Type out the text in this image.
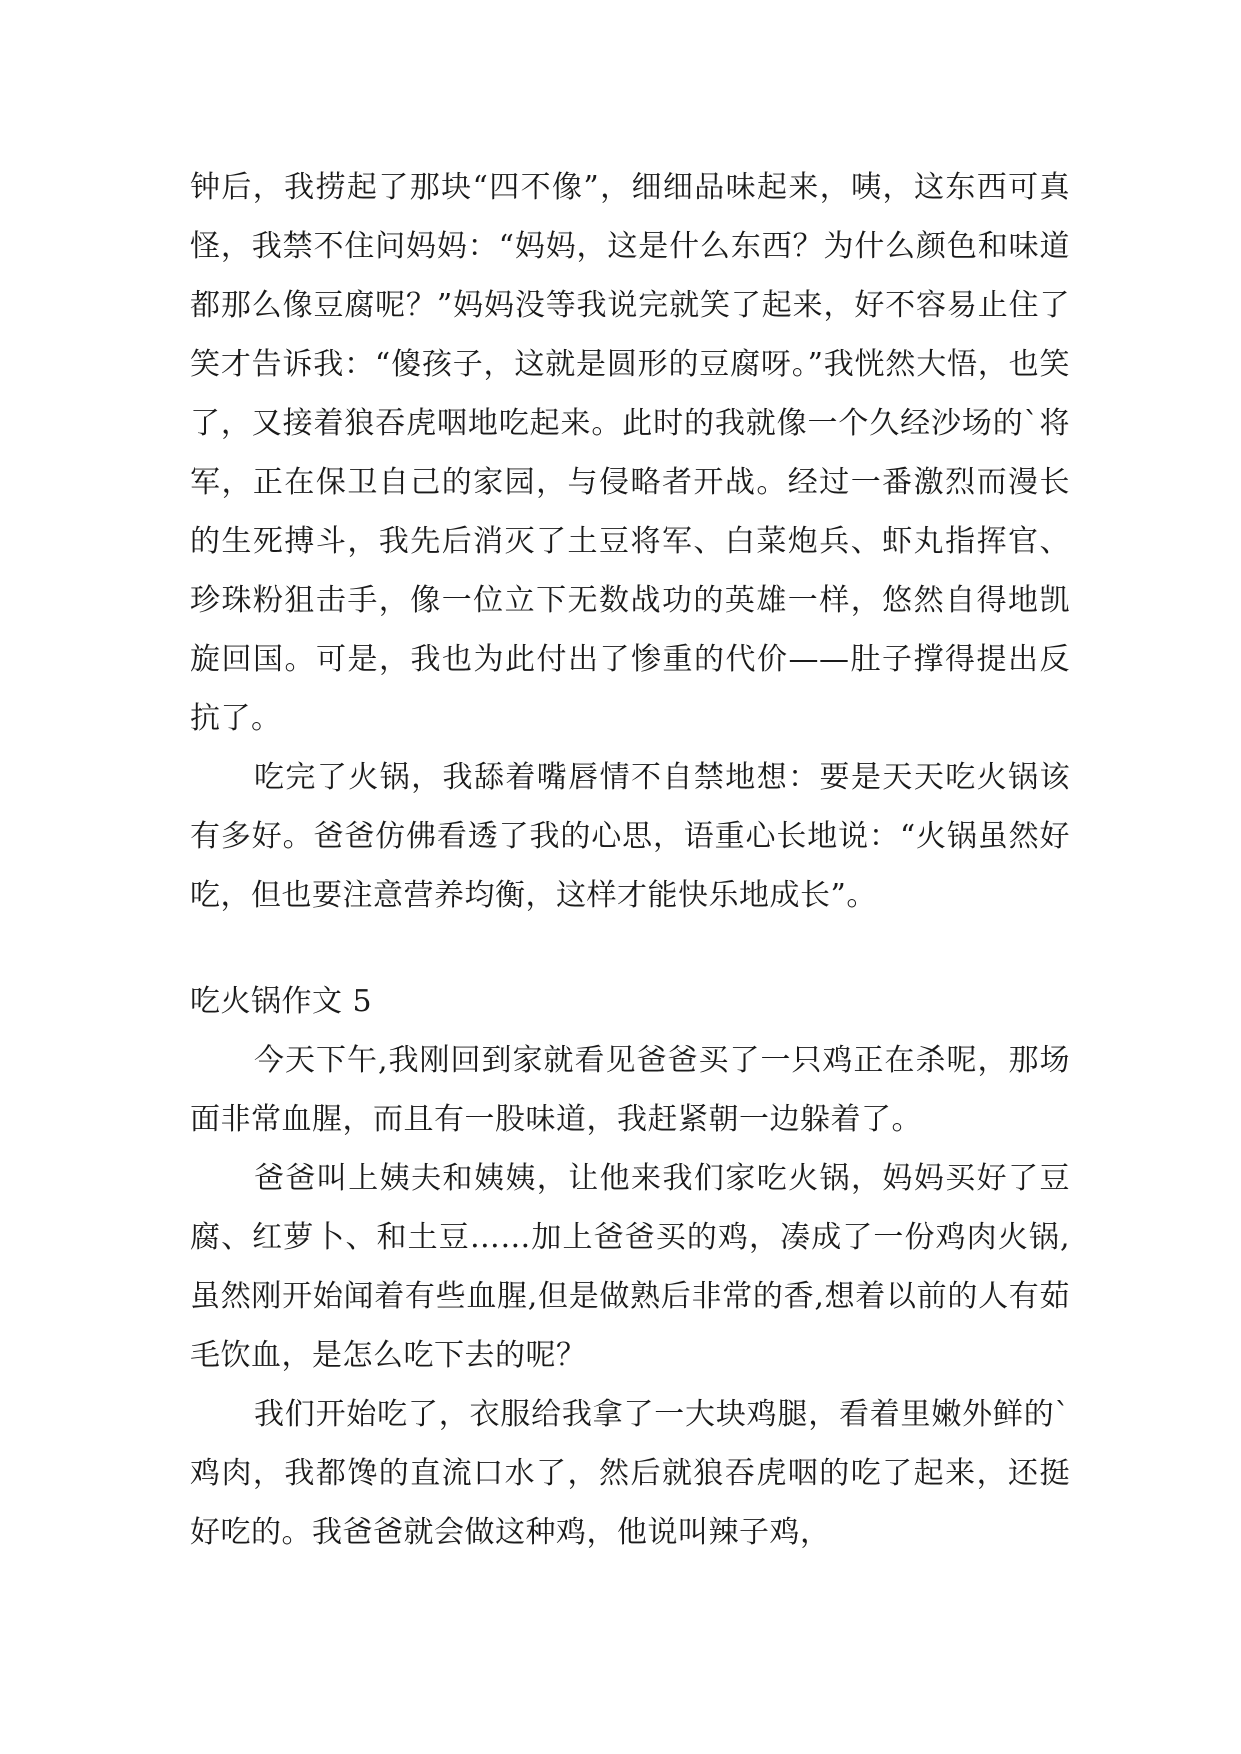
钟后，我捞起了那块“四不像”，细细品味起来，咦，这东西可真怪，我禁不住问妈妈：“妈妈，这是什么东西？为什么颜色和味道都那么像豆腐呢？”妈妈没等我说完就笑了起来，好不容易止住了笑才告诉我：“傻孩子，这就是圆形的豆腐呀。”我恍然大悟，也笑了，又接着狼吞虎咽地吃起来。此时的我就像一个久经沙场的`将军，正在保卫自己的家园，与侵略者开战。经过一番激烈而漫长的生死搏斗，我先后消灭了土豆将军、白菜炮兵、虾丸指挥官、珍珠粉狙击手，像一位立下无数战功的英雄一样，悠然自得地凯旋回国。可是，我也为此付出了惨重的代价——肚子撑得提出反抗了。

吃完了火锅，我舔着嘴唇情不自禁地想：要是天天吃火锅该有多好。爸爸仿佛看透了我的心思，语重心长地说：“火锅虽然好吃，但也要注意营养均衡，这样才能快乐地成长”。

吃火锅作文 5

今天下午,我刚回到家就看见爸爸买了一只鸡正在杀呢，那场面非常血腥，而且有一股味道，我赶紧朝一边躲着了。

爸爸叫上姨夫和姨姨，让他来我们家吃火锅，妈妈买好了豆腐、红萝卜、和土豆……加上爸爸买的鸡，凑成了一份鸡肉火锅,虽然刚开始闻着有些血腥,但是做熟后非常的香,想着以前的人有茹毛饮血，是怎么吃下去的呢？

我们开始吃了，衣服给我拿了一大块鸡腿，看着里嫩外鲜的`鸡肉，我都馋的直流口水了，然后就狼吞虎咽的吃了起来，还挺好吃的。我爸爸就会做这种鸡，他说叫辣子鸡，
